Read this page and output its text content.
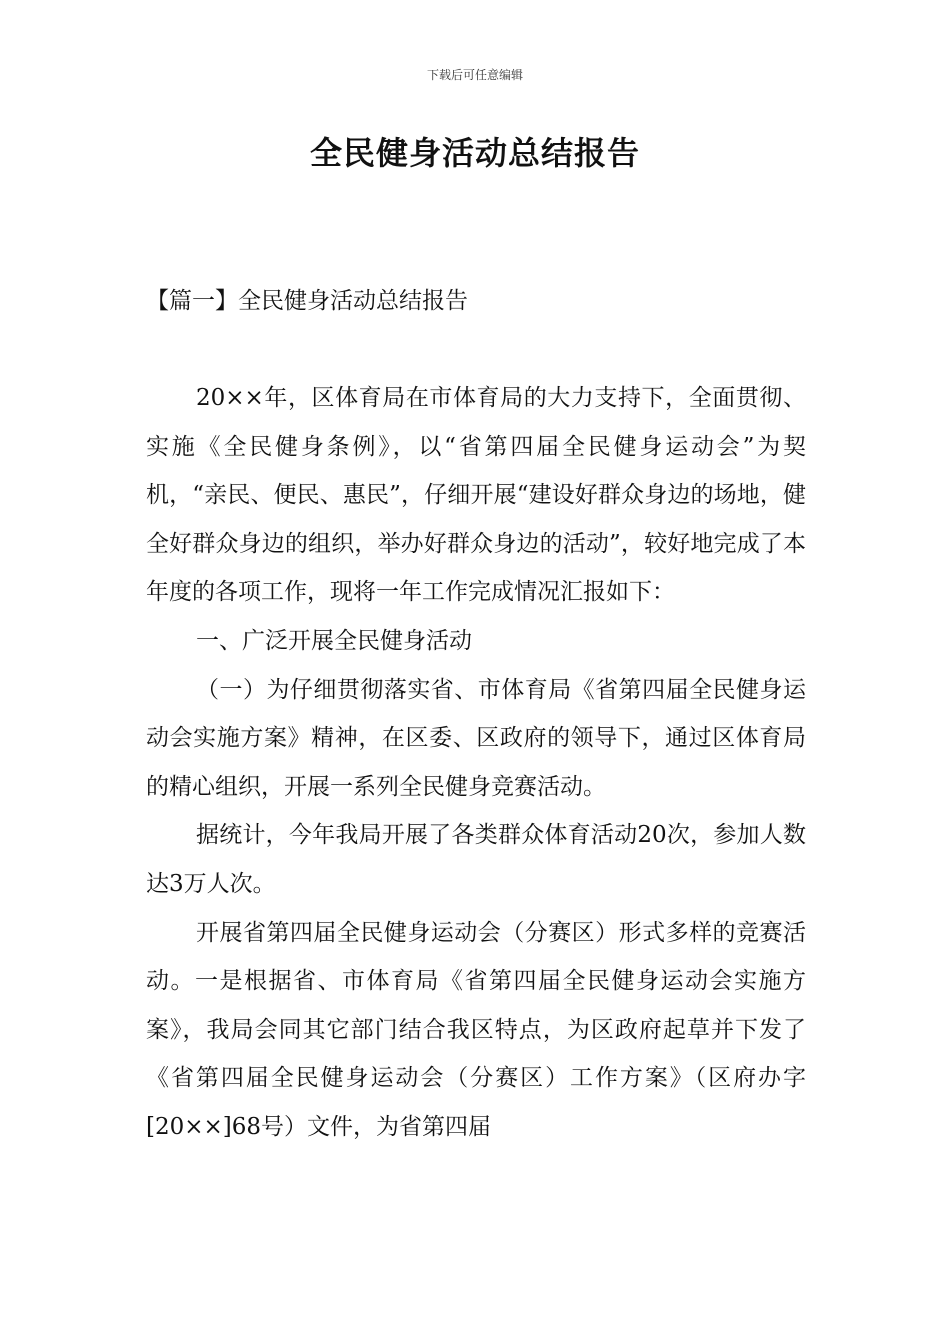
下载后可任意编辑
全民健身活动总结报告
【篇一】全民健身活动总结报告

20××年，区体育局在市体育局的大力支持下，全面贯彻、实施《全民健身条例》，以“省第四届全民健身运动会”为契机，“亲民、便民、惠民”，仔细开展“建设好群众身边的场地，健全好群众身边的组织，举办好群众身边的活动”，较好地完成了本年度的各项工作，现将一年工作完成情况汇报如下：

一、广泛开展全民健身活动

（一）为仔细贯彻落实省、市体育局《省第四届全民健身运动会实施方案》精神，在区委、区政府的领导下，通过区体育局的精心组织，开展一系列全民健身竞赛活动。

据统计，今年我局开展了各类群众体育活动20次，参加人数达3万人次。

开展省第四届全民健身运动会（分赛区）形式多样的竞赛活动。一是根据省、市体育局《省第四届全民健身运动会实施方案》，我局会同其它部门结合我区特点，为区政府起草并下发了《省第四届全民健身运动会（分赛区）工作方案》（区府办字[20××]68号）文件，为省第四届
